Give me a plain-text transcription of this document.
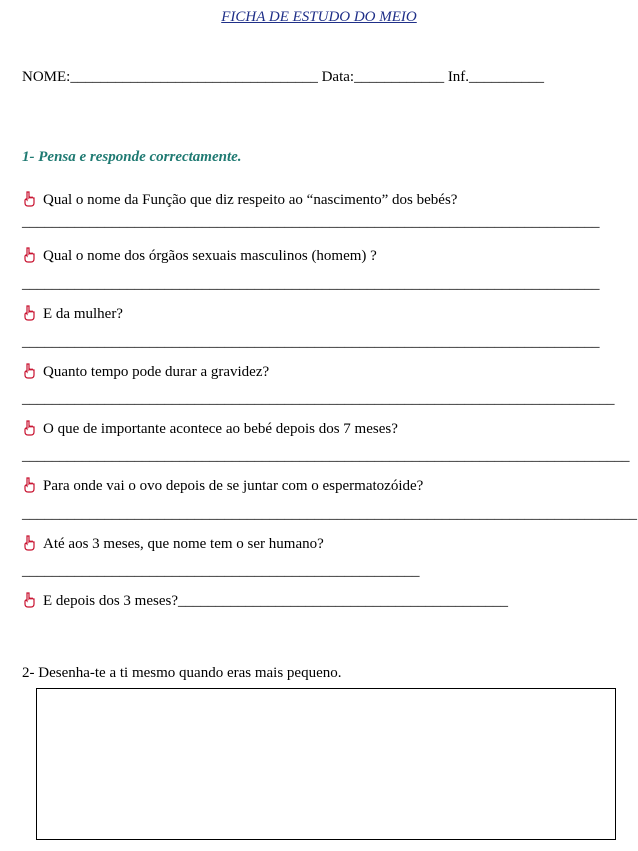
FICHA DE ESTUDO DO MEIO
NOME:_________________________________ Data:____________ Inf.__________
1- Pensa e responde correctamente.
Qual o nome da Função que diz respeito ao “nascimento” dos bebés?
_____________________________________________________________________________
Qual o nome dos órgãos sexuais masculinos (homem) ?
_____________________________________________________________________________
E da mulher?
_____________________________________________________________________________
Quanto tempo pode durar a gravidez?
_______________________________________________________________________________
O que de importante acontece ao bebé depois dos 7 meses?
_________________________________________________________________________________
Para onde vai o ovo depois de se juntar com o espermatozóide?
__________________________________________________________________________________
Até aos 3 meses, que nome tem o ser humano?
_____________________________________________________
E depois dos 3 meses?____________________________________________
2- Desenha-te a ti mesmo quando eras mais pequeno.
